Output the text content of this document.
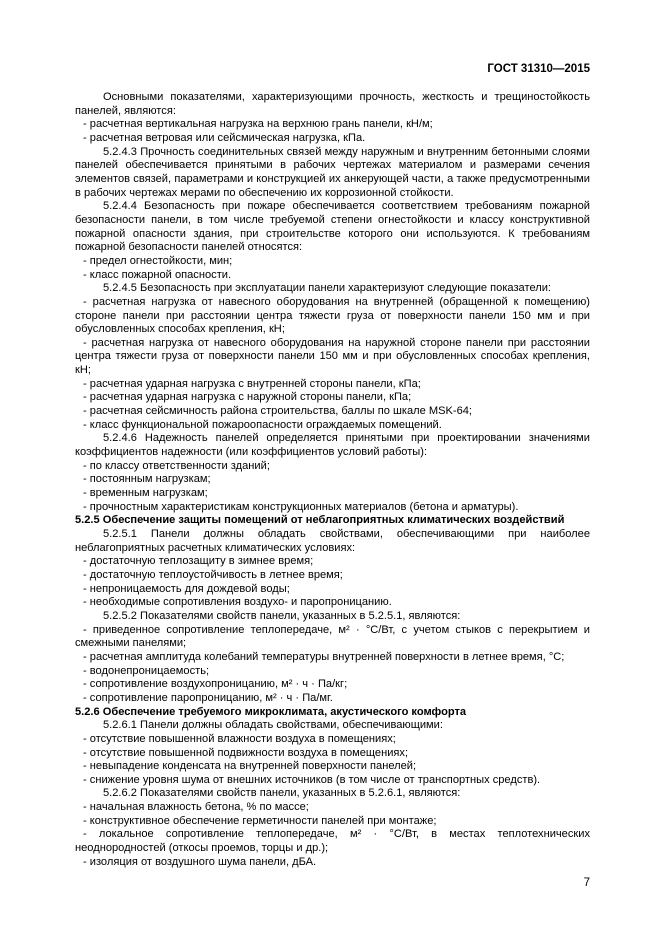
ГОСТ 31310—2015

Основными показателями, характеризующими прочность, жесткость и трещиностойкость панелей, являются:

- расчетная вертикальная нагрузка на верхнюю грань панели, кН/м;

- расчетная ветровая или сейсмическая нагрузка, кПа.

5.2.4.3 Прочность соединительных связей между наружным и внутренним бетонными слоями панелей обеспечивается принятыми в рабочих чертежах материалом и размерами сечения элементов связей, параметрами и конструкцией их анкерующей части, а также предусмотренными в рабочих чертежах мерами по обеспечению их коррозионной стойкости.

5.2.4.4 Безопасность при пожаре обеспечивается соответствием требованиям пожарной безопасности панели, в том числе требуемой степени огнестойкости и классу конструктивной пожарной опасности здания, при строительстве которого они используются. К требованиям пожарной безопасности панелей относятся:

- предел огнестойкости, мин;

- класс пожарной опасности.

5.2.4.5 Безопасность при эксплуатации панели характеризуют следующие показатели:

- расчетная нагрузка от навесного оборудования на внутренней (обращенной к помещению) стороне панели при расстоянии центра тяжести груза от поверхности панели 150 мм и при обусловленных способах крепления, кН;

- расчетная нагрузка от навесного оборудования на наружной стороне панели при расстоянии центра тяжести груза от поверхности панели 150 мм и при обусловленных способах крепления, кН;

- расчетная ударная нагрузка с внутренней стороны панели, кПа;

- расчетная ударная нагрузка с наружной стороны панели, кПа;

- расчетная сейсмичность района строительства, баллы по шкале MSK-64;

- класс функциональной пожароопасности ограждаемых помещений.

5.2.4.6 Надежность панелей определяется принятыми при проектировании значениями коэффициентов надежности (или коэффициентов условий работы):

- по классу ответственности зданий;

- постоянным нагрузкам;

- временным нагрузкам;

- прочностным характеристикам конструкционных материалов (бетона и арматуры).

5.2.5 Обеспечение защиты помещений от неблагоприятных климатических воздействий

5.2.5.1 Панели должны обладать свойствами, обеспечивающими при наиболее неблагоприятных расчетных климатических условиях:

- достаточную теплозащиту в зимнее время;

- достаточную теплоустойчивость в летнее время;

- непроницаемость для дождевой воды;

- необходимые сопротивления воздухо- и паропроницанию.

5.2.5.2 Показателями свойств панели, указанных в 5.2.5.1, являются:

- приведенное сопротивление теплопередаче, м² · °С/Вт, с учетом стыков с перекрытием и смежными панелями;

- расчетная амплитуда колебаний температуры внутренней поверхности в летнее время, °С;

- водонепроницаемость;

- сопротивление воздухопроницанию, м² · ч · Па/кг;

- сопротивление паропроницанию, м² · ч · Па/мг.

5.2.6 Обеспечение требуемого микроклимата, акустического комфорта

5.2.6.1 Панели должны обладать свойствами, обеспечивающими:

- отсутствие повышенной влажности воздуха в помещениях;

- отсутствие повышенной подвижности воздуха в помещениях;

- невыпадение конденсата на внутренней поверхности панелей;

- снижение уровня шума от внешних источников (в том числе от транспортных средств).

5.2.6.2 Показателями свойств панели, указанных в 5.2.6.1, являются:

- начальная влажность бетона, % по массе;

- конструктивное обеспечение герметичности панелей при монтаже;

- локальное сопротивление теплопередаче, м² · °С/Вт, в местах теплотехнических неоднородностей (откосы проемов, торцы и др.);

- изоляция от воздушного шума панели, дБА.

7
